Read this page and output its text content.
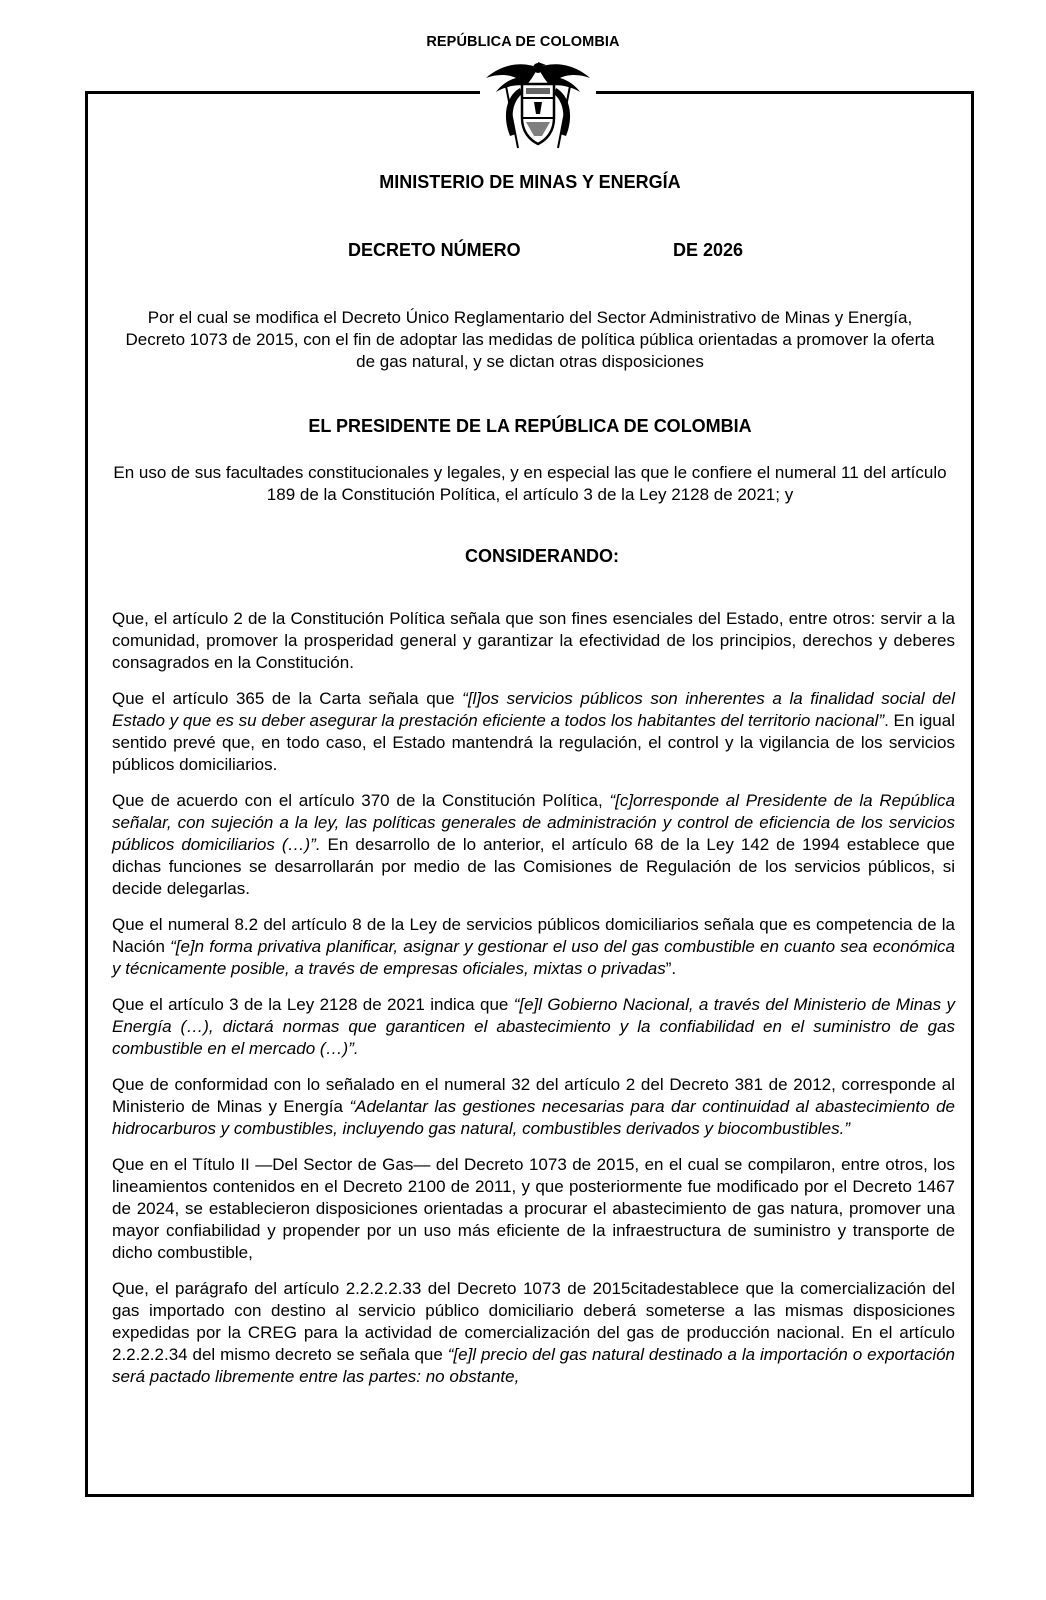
REPÚBLICA DE COLOMBIA
MINISTERIO DE MINAS Y ENERGÍA
DECRETO NÚMERO	DE 2026
Por el cual se modifica el Decreto Único Reglamentario del Sector Administrativo de Minas y Energía, Decreto 1073 de 2015, con el fin de adoptar las medidas de política pública orientadas a promover la oferta de gas natural, y se dictan otras disposiciones
EL PRESIDENTE DE LA REPÚBLICA DE COLOMBIA
En uso de sus facultades constitucionales y legales, y en especial las que le confiere el numeral 11 del artículo 189 de la Constitución Política, el artículo 3 de la Ley 2128 de 2021; y
CONSIDERANDO:

Que, el artículo 2 de la Constitución Política señala que son fines esenciales del Estado, entre otros: servir a la comunidad, promover la prosperidad general y garantizar la efectividad de los principios, derechos y deberes consagrados en la Constitución.

Que el artículo 365 de la Carta señala que “[l]os servicios públicos son inherentes a la finalidad social del Estado y que es su deber asegurar la prestación eficiente a todos los habitantes del territorio nacional”. En igual sentido prevé que, en todo caso, el Estado mantendrá la regulación, el control y la vigilancia de los servicios públicos domiciliarios.

Que de acuerdo con el artículo 370 de la Constitución Política, “[c]orresponde al Presidente de la República señalar, con sujeción a la ley, las políticas generales de administración y control de eficiencia de los servicios públicos domiciliarios (…)”. En desarrollo de lo anterior, el artículo 68 de la Ley 142 de 1994 establece que dichas funciones se desarrollarán por medio de las Comisiones de Regulación de los servicios públicos, si decide delegarlas.

Que el numeral 8.2 del artículo 8 de la Ley de servicios públicos domiciliarios señala que es competencia de la Nación “[e]n forma privativa planificar, asignar y gestionar el uso del gas combustible en cuanto sea económica y técnicamente posible, a través de empresas oficiales, mixtas o privadas”.

Que el artículo 3 de la Ley 2128 de 2021 indica que “[e]l Gobierno Nacional, a través del Ministerio de Minas y Energía (…), dictará normas que garanticen el abastecimiento y la confiabilidad en el suministro de gas combustible en el mercado (…)”.

Que de conformidad con lo señalado en el numeral 32 del artículo 2 del Decreto 381 de 2012, corresponde al Ministerio de Minas y Energía “Adelantar las gestiones necesarias para dar continuidad al abastecimiento de hidrocarburos y combustibles, incluyendo gas natural, combustibles derivados y biocombustibles.”

Que en el Título II —Del Sector de Gas— del Decreto 1073 de 2015, en el cual se compilaron, entre otros, los lineamientos contenidos en el Decreto 2100 de 2011, y que posteriormente fue modificado por el Decreto 1467 de 2024, se establecieron disposiciones orientadas a procurar el abastecimiento de gas natura, promover una mayor confiabilidad y propender por un uso más eficiente de la infraestructura de suministro y transporte de dicho combustible,

Que, el parágrafo del artículo 2.2.2.2.33 del Decreto 1073 de 2015citadestablece que la comercialización del gas importado con destino al servicio público domiciliario deberá someterse a las mismas disposiciones expedidas por la CREG para la actividad de comercialización del gas de producción nacional. En el artículo 2.2.2.2.34 del mismo decreto se señala que “[e]l precio del gas natural destinado a la importación o exportación será pactado libremente entre las partes: no obstante,
